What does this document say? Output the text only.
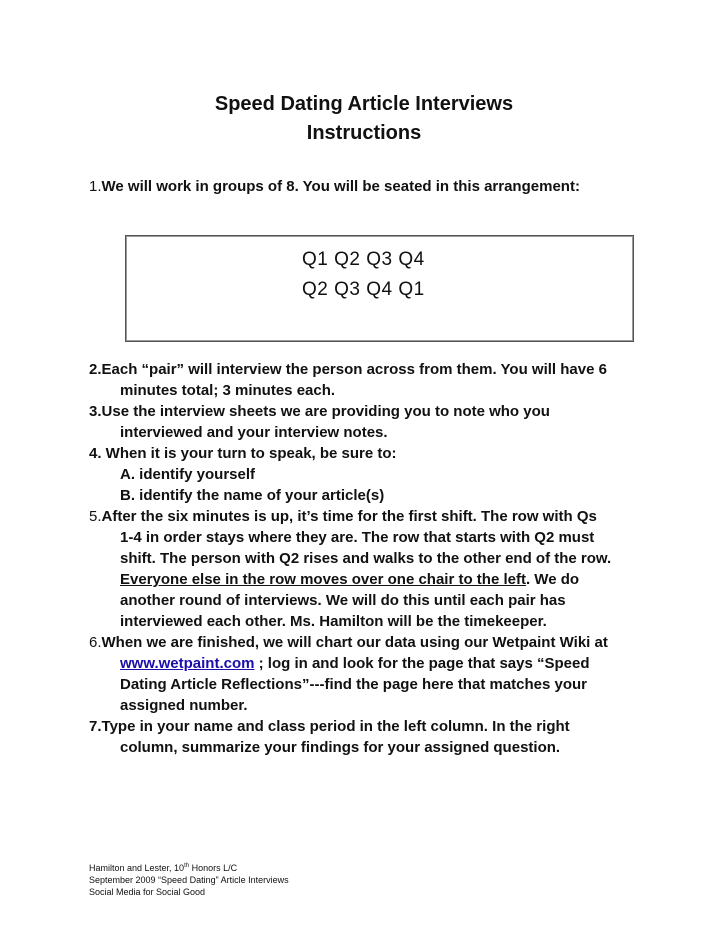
Speed Dating Article Interviews
Instructions
1.We will work in groups of 8. You will be seated in this arrangement:
Q1 Q2 Q3 Q4
Q2 Q3 Q4 Q1
2.Each “pair” will interview the person across from them. You will have 6
minutes total; 3 minutes each.
3.Use the interview sheets we are providing you to note who you
interviewed and your interview notes.
4. When it is your turn to speak, be sure to:
A. identify yourself
B. identify the name of your article(s)
5.After the six minutes is up, it’s time for the first shift. The row with Qs
1-4 in order stays where they are. The row that starts with Q2 must
shift. The person with Q2 rises and walks to the other end of the row.
Everyone else in the row moves over one chair to the left. We do
another round of interviews. We will do this until each pair has
interviewed each other. Ms. Hamilton will be the timekeeper.
6.When we are finished, we will chart our data using our Wetpaint Wiki at
www.wetpaint.com ; log in and look for the page that says “Speed
Dating Article Reflections”---find the page here that matches your
assigned number.
7.Type in your name and class period in the left column. In the right
column, summarize your findings for your assigned question.
Hamilton and Lester, 10th Honors L/C
September 2009 “Speed Dating” Article Interviews
Social Media for Social Good
